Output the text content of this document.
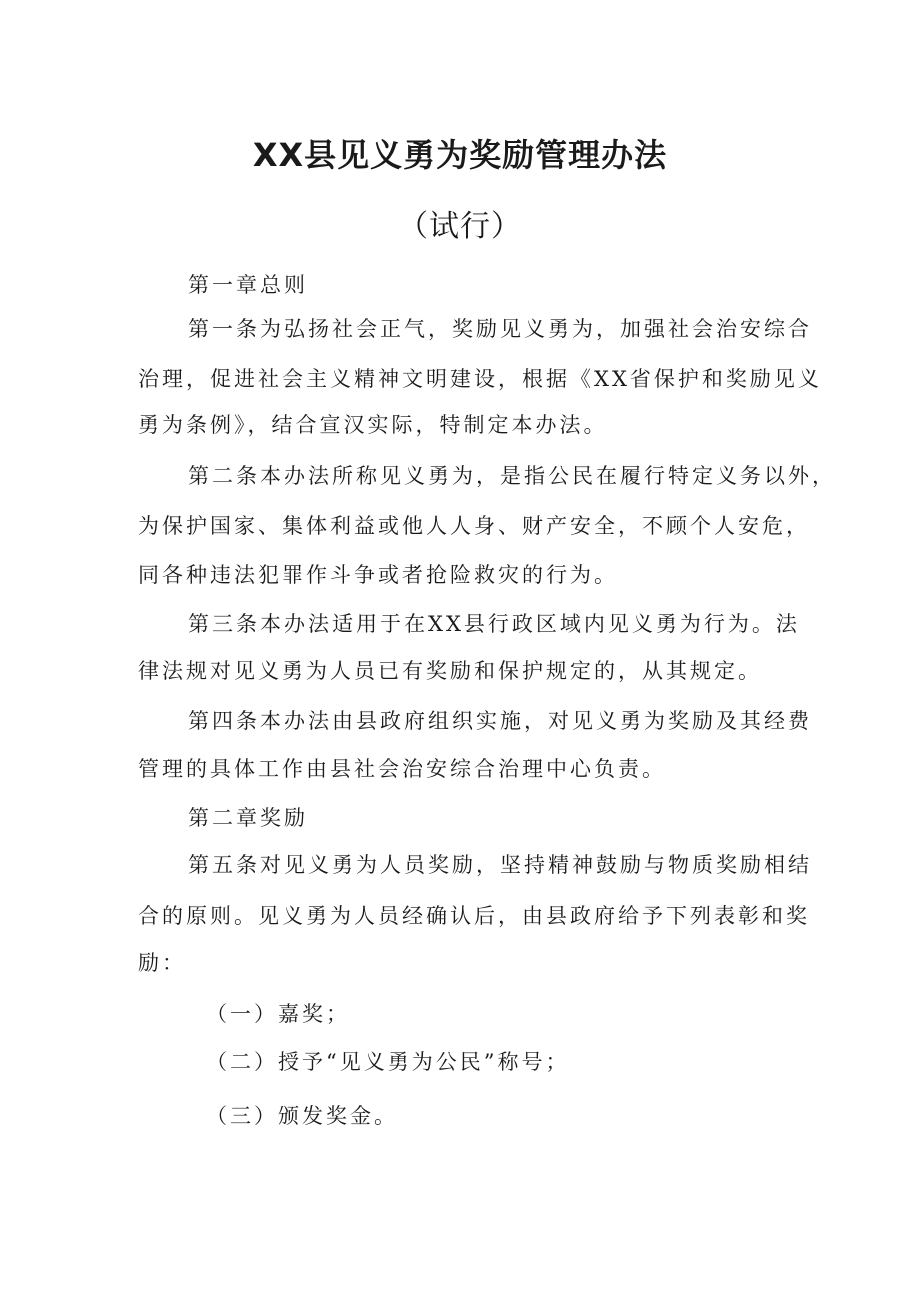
XX县见义勇为奖励管理办法
（试行）
第一章总则
第一条为弘扬社会正气，奖励见义勇为，加强社会治安综合
治理，促进社会主义精神文明建设，根据《XX省保护和奖励见义
勇为条例》，结合宣汉实际，特制定本办法。
第二条本办法所称见义勇为，是指公民在履行特定义务以外，
为保护国家、集体利益或他人人身、财产安全，不顾个人安危，
同各种违法犯罪作斗争或者抢险救灾的行为。
第三条本办法适用于在XX县行政区域内见义勇为行为。法
律法规对见义勇为人员已有奖励和保护规定的，从其规定。
第四条本办法由县政府组织实施，对见义勇为奖励及其经费
管理的具体工作由县社会治安综合治理中心负责。
第二章奖励
第五条对见义勇为人员奖励，坚持精神鼓励与物质奖励相结
合的原则。见义勇为人员经确认后，由县政府给予下列表彰和奖
励：
（一）嘉奖；
（二）授予“见义勇为公民”称号；
（三）颁发奖金。
